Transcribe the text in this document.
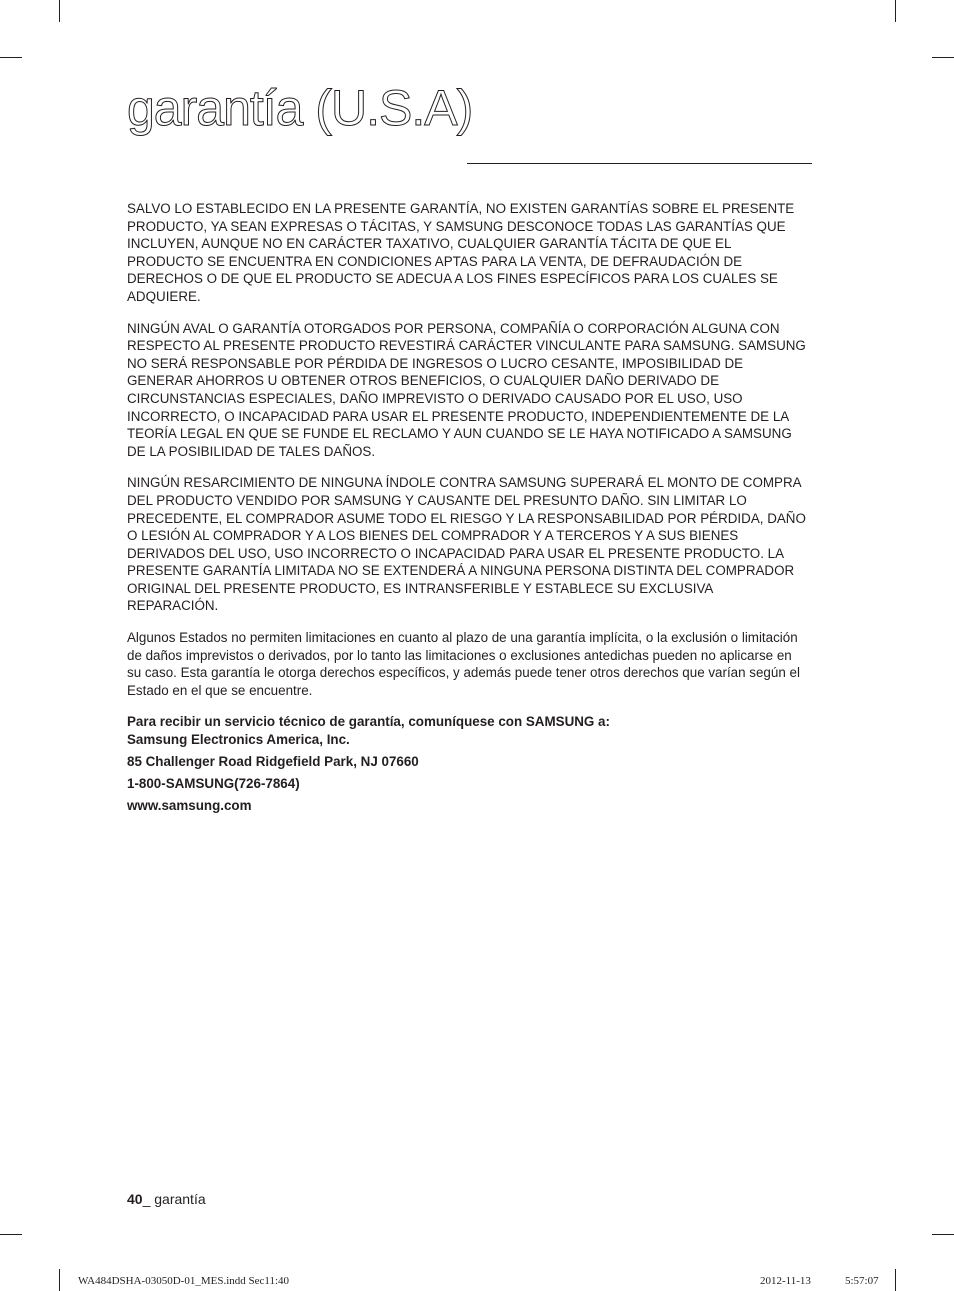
garantía (U.S.A)

SALVO LO ESTABLECIDO EN LA PRESENTE GARANTÍA, NO EXISTEN GARANTÍAS SOBRE EL PRESENTE PRODUCTO, YA SEAN EXPRESAS O TÁCITAS, Y SAMSUNG DESCONOCE TODAS LAS GARANTÍAS QUE INCLUYEN, AUNQUE NO EN CARÁCTER TAXATIVO, CUALQUIER GARANTÍA TÁCITA DE QUE EL PRODUCTO SE ENCUENTRA EN CONDICIONES APTAS PARA LA VENTA, DE DEFRAUDACIÓN DE DERECHOS O DE QUE EL PRODUCTO SE ADECUA A LOS FINES ESPECÍFICOS PARA LOS CUALES SE ADQUIERE.

NINGÚN AVAL O GARANTÍA OTORGADOS POR PERSONA, COMPAÑÍA O CORPORACIÓN ALGUNA CON RESPECTO AL PRESENTE PRODUCTO REVESTIRÁ CARÁCTER VINCULANTE PARA SAMSUNG. SAMSUNG NO SERÁ RESPONSABLE POR PÉRDIDA DE INGRESOS O LUCRO CESANTE, IMPOSIBILIDAD DE GENERAR AHORROS U OBTENER OTROS BENEFICIOS, O CUALQUIER DAÑO DERIVADO DE CIRCUNSTANCIAS ESPECIALES, DAÑO IMPREVISTO O DERIVADO CAUSADO POR EL USO, USO INCORRECTO, O INCAPACIDAD PARA USAR EL PRESENTE PRODUCTO, INDEPENDIENTEMENTE DE LA TEORÍA LEGAL EN QUE SE FUNDE EL RECLAMO Y AUN CUANDO SE LE HAYA NOTIFICADO A SAMSUNG DE LA POSIBILIDAD DE TALES DAÑOS.

NINGÚN RESARCIMIENTO DE NINGUNA ÍNDOLE CONTRA SAMSUNG SUPERARÁ EL MONTO DE COMPRA DEL PRODUCTO VENDIDO POR SAMSUNG Y CAUSANTE DEL PRESUNTO DAÑO. SIN LIMITAR LO PRECEDENTE, EL COMPRADOR ASUME TODO EL RIESGO Y LA RESPONSABILIDAD POR PÉRDIDA, DAÑO O LESIÓN AL COMPRADOR Y A LOS BIENES DEL COMPRADOR Y A TERCEROS Y A SUS BIENES DERIVADOS DEL USO, USO INCORRECTO O INCAPACIDAD PARA USAR EL PRESENTE PRODUCTO. LA PRESENTE GARANTÍA LIMITADA NO SE EXTENDERÁ A NINGUNA PERSONA DISTINTA DEL COMPRADOR ORIGINAL DEL PRESENTE PRODUCTO, ES INTRANSFERIBLE Y ESTABLECE SU EXCLUSIVA REPARACIÓN.

Algunos Estados no permiten limitaciones en cuanto al plazo de una garantía implícita, o la exclusión o limitación de daños imprevistos o derivados, por lo tanto las limitaciones o exclusiones antedichas pueden no aplicarse en su caso. Esta garantía le otorga derechos específicos, y además puede tener otros derechos que varían según el Estado en el que se encuentre.

Para recibir un servicio técnico de garantía, comuníquese con SAMSUNG a:
Samsung Electronics America, Inc.
85 Challenger Road Ridgefield Park, NJ 07660
1-800-SAMSUNG(726-7864)
www.samsung.com
40_ garantía
WA484DSHA-03050D-01_MES.indd Sec11:40	2012-11-13	5:57:07
